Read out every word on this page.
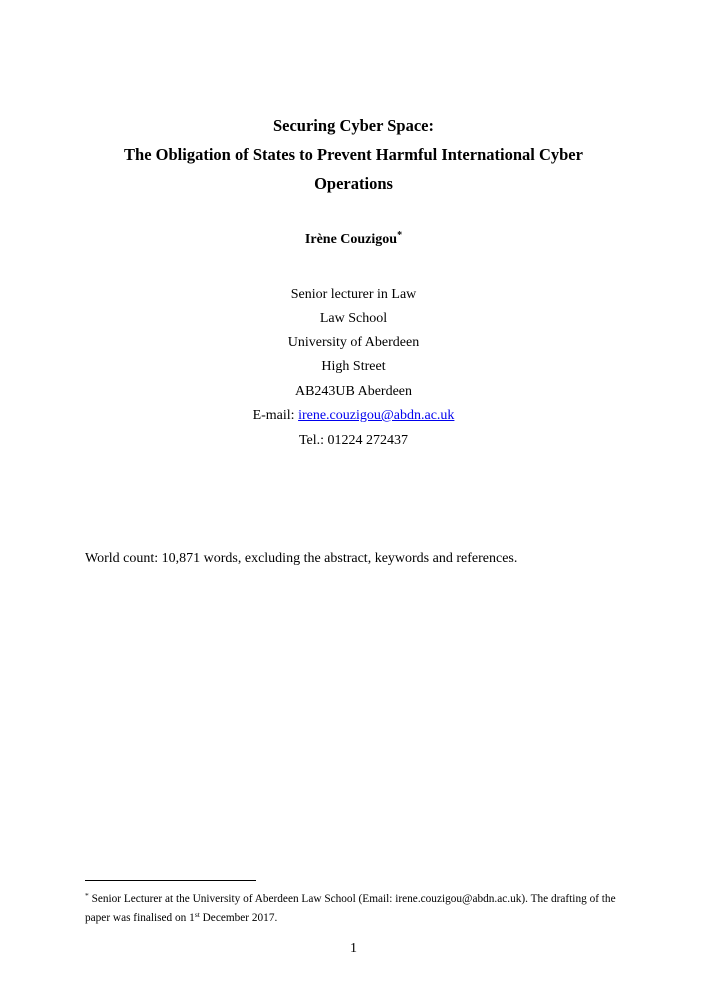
Securing Cyber Space:
The Obligation of States to Prevent Harmful International Cyber
Operations
Irène Couzigou*
Senior lecturer in Law
Law School
University of Aberdeen
High Street
AB243UB Aberdeen
E-mail: irene.couzigou@abdn.ac.uk
Tel.: 01224 272437
World count: 10,871 words, excluding the abstract, keywords and references.
* Senior Lecturer at the University of Aberdeen Law School (Email: irene.couzigou@abdn.ac.uk). The drafting of the paper was finalised on 1st December 2017.
1
